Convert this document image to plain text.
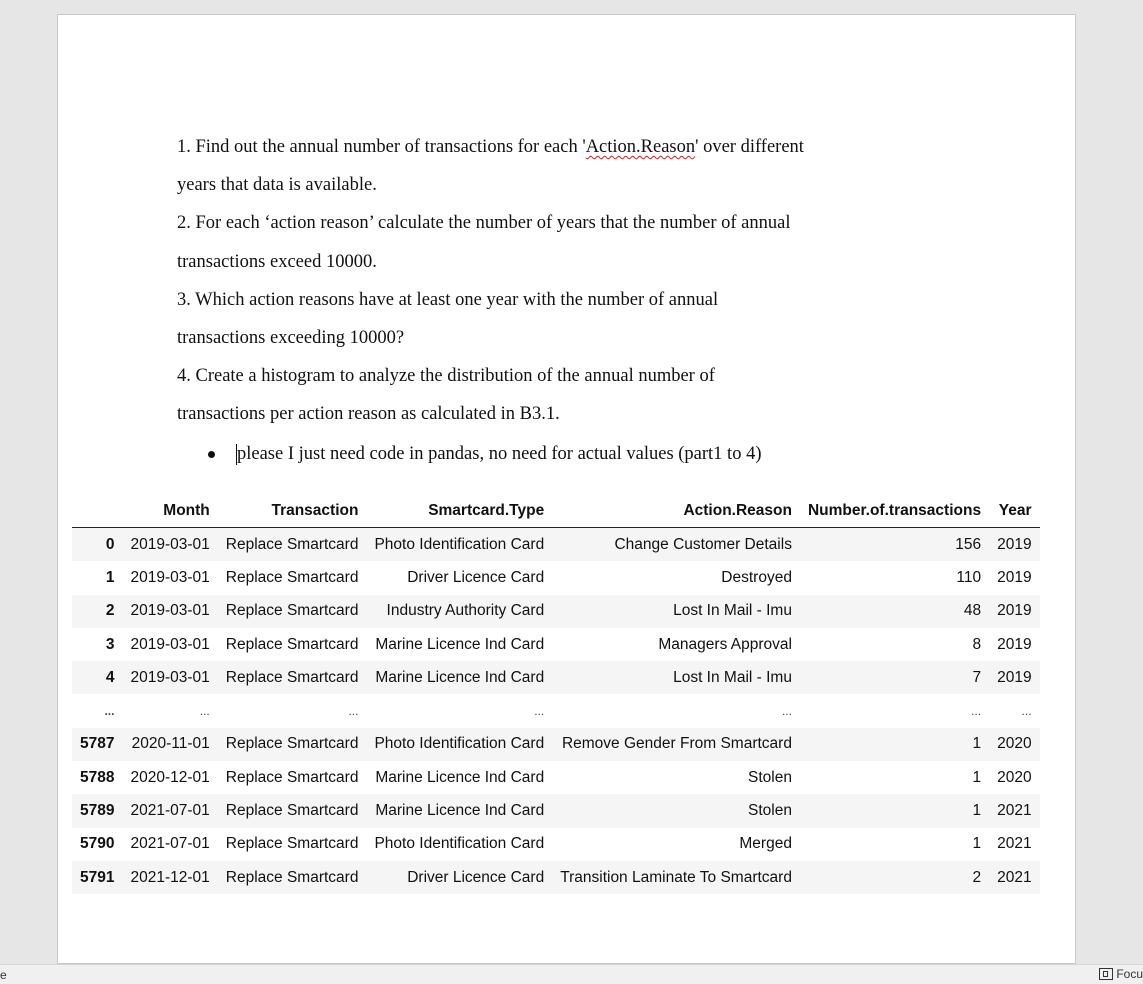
1. Find out the annual number of transactions for each 'Action.Reason' over different
years that data is available.
2. For each ‘action reason’ calculate the number of years that the number of annual
transactions exceed 10000.
3. Which action reasons have at least one year with the number of annual
transactions exceeding 10000?
4. Create a histogram to analyze the distribution of the annual number of
transactions per action reason as calculated in B3.1.
please I just need code in pandas, no need for actual values (part1 to 4)
	Month	Transaction	Smartcard.Type	Action.Reason	Number.of.transactions	Year
0	2019-03-01	Replace Smartcard	Photo Identification Card	Change Customer Details	156	2019
1	2019-03-01	Replace Smartcard	Driver Licence Card	Destroyed	110	2019
2	2019-03-01	Replace Smartcard	Industry Authority Card	Lost In Mail - Imu	48	2019
3	2019-03-01	Replace Smartcard	Marine Licence Ind Card	Managers Approval	8	2019
4	2019-03-01	Replace Smartcard	Marine Licence Ind Card	Lost In Mail - Imu	7	2019
...	...	...	...	...	...	...
5787	2020-11-01	Replace Smartcard	Photo Identification Card	Remove Gender From Smartcard	1	2020
5788	2020-12-01	Replace Smartcard	Marine Licence Ind Card	Stolen	1	2020
5789	2021-07-01	Replace Smartcard	Marine Licence Ind Card	Stolen	1	2021
5790	2021-07-01	Replace Smartcard	Photo Identification Card	Merged	1	2021
5791	2021-12-01	Replace Smartcard	Driver Licence Card	Transition Laminate To Smartcard	2	2021
e	Focu
